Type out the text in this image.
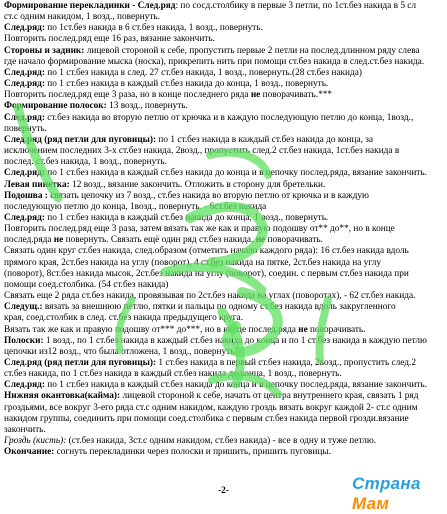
Формирование перекладинки - След.ряд: по сосд.столбику в первые 3 петли, по 1ст.без накида в 5 сл

ст.с одним накидом, 1 возд., повернуть.

След.ряд: по 1ст.без накида в 6 ст.без накида, 1 возд., повернуть.

Повторить послед.ряд еще 16 раз, вязание закончить.

Стороны и задник: лицевой стороной к себе, пропустить первые 2 петли на послед.длинном ряду слева

где начало формирование мыска (носка), прикрепить нить при помощи ст.без накида в след.ст.без накида.

След.ряд: по 1 ст.без накида в след. 27 ст.без накида, 1 возд., повернуть.(28 ст.без накида)

След.ряд: по 1 ст.без накида в каждый ст.без накида до конца, 1 возд., повернуть.

Повторить послед.ряд еще 3 раза, но в конце последнего ряда не поворачивать.***

Формирование полосок: 13 возд., повернуть.

След.ряд: ст.без накида во вторую петлю от крючка и в каждую последующую петлю до конца, 1возд.,

повернуть.

След.ряд (ряд петли для пуговицы): по 1 ст.без накида в каждый ст.без накида до конца, за

исключением последних 3-х ст.без накида, 2возд., пропустить след.2 ст.без накида, 1ст.без накида в

послед. ст.без накида, 1 возд., повернуть.

След.ряд: по 1 ст.без накида в каждый ст.без накида до конца и в цепочку послед.ряда, вязание закончить.

Левая пинетка: 12 возд., вязание закончить. Отложить в сторону для бретельки.

Подошва : связать цепочку из 7 возд., ст.без накида во вторую петлю от крючка и в каждую

последующую петлю до конца, 1возд., повернуть. - 6ст.без накида

След.ряд: по 1 ст.без накида в каждый ст.без накида до конца, 1 возд., повернуть.

Повторить послед.ряд еще 3 раза, затем вязать так же как и правую подошву от** до**, но в конце

послед.ряда не повернуть. Связать ещё один ряд ст.без накида, не поворачивать.

Связать один круг ст.без накида, след.образом (отметить начало каждого ряда): 16 ст.без накида вдоль

прямого края, 2ст.без накида на углу (поворот), 4 ст.без накида на пятке, 2ст.без накида на углу

(поворот), 8ст.без накида мысок, 2ст.без накида на углу (поворот), соедин. с первым ст.без накида при

помощи соед.столбика. (54 ст.без накида)

Связать еще 2 ряда ст.без накида, провязывая по 2ст.без накида на углах (поворотах), - 62 ст.без накида.

Следущ.: вязать за внешнюю петлю, пятки и пальцы по одному ст.без накида вдоль закругленного

края, соед.столбик в след. ст.без накида предыдущего круга.

Вязать так же как и правую подошву от*** до***, но в конце послед.ряда не поворачивать.

Полоски: 1 возд., по 1 ст.без накида в каждый ст.без накида до конца и по 1 ст.без накида в каждую петлю

цепочки из12 возд., что была отложена, 1 возд., повернуть.

След.ряд (ряд петли для пуговицы): 1 ст.без накида в первый ст.без накида, 2возд., пропустить след.2

ст.без накида, по 1 ст.без накида в каждый ст.без накида до конца, 1 возд., повернуть.

След.ряд: по 1 ст.без накида в каждый ст.без накида до конца и в цепочку послед.ряда, вязание закончить.

Нижняя окантовка(кайма): лицевой стороной к себе, начать от центра внутреннего края, связать 1 ряд

гроздьями, все вокруг 3-его ряда ст.с одним накидом, каждую гроздь вязать вокруг каждой 2- ст.с одним

накидом группы, соединить при помощи соед.столбика с первым ст.без накида первой грозди.вязание

закончить.

Гроздь (кисть): (ст.без накида, 3ст.с одним накидом, ст.без накида) - все в одну и туже петлю.

Окончание: согнуть перекладинки через полоски и пришить, пришить пуговицы.

Страна Мам
-2-
